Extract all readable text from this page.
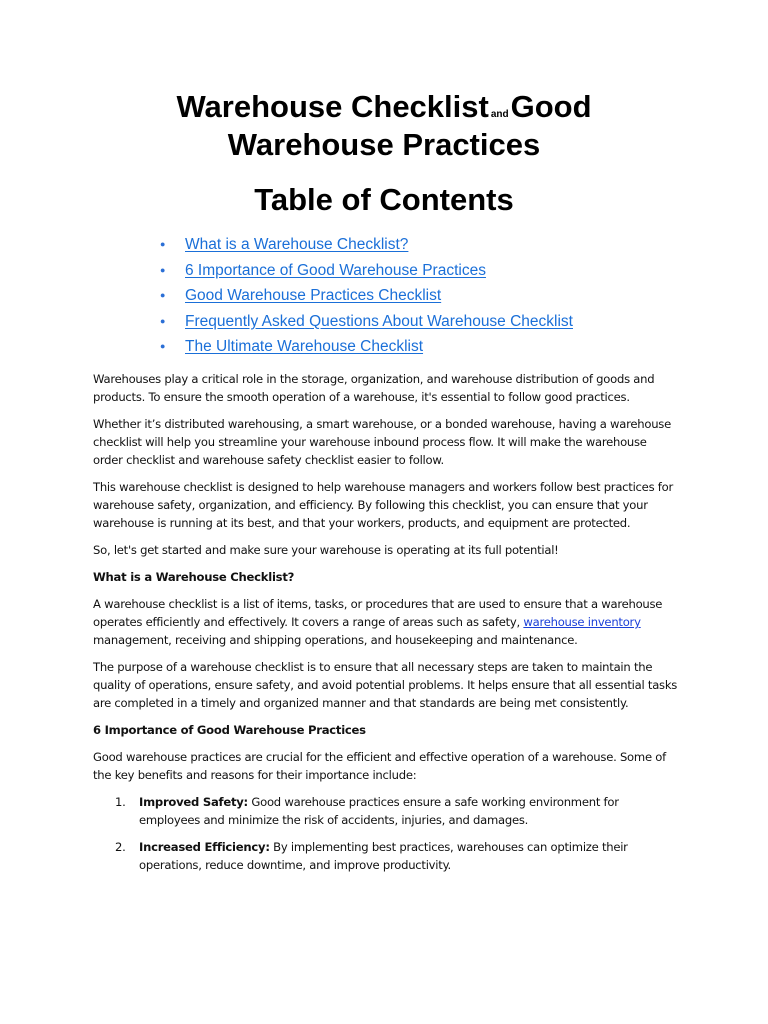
Warehouse Checklist andGood
Warehouse Practices
Table of Contents
● What is a Warehouse Checklist?
● 6 Importance of Good Warehouse Practices
● Good Warehouse Practices Checklist
● Frequently Asked Questions About Warehouse Checklist
● The Ultimate Warehouse Checklist

Warehouses play a critical role in the storage, organization, and warehouse distribution of goods and products. To ensure the smooth operation of a warehouse, it's essential to follow good practices.

Whether it’s distributed warehousing, a smart warehouse, or a bonded warehouse, having a warehouse checklist will help you streamline your warehouse inbound process flow. It will make the warehouse order checklist and warehouse safety checklist easier to follow.

This warehouse checklist is designed to help warehouse managers and workers follow best practices for warehouse safety, organization, and efficiency. By following this checklist, you can ensure that your warehouse is running at its best, and that your workers, products, and equipment are protected.

So, let's get started and make sure your warehouse is operating at its full potential!

What is a Warehouse Checklist?

A warehouse checklist is a list of items, tasks, or procedures that are used to ensure that a warehouse operates efficiently and effectively. It covers a range of areas such as safety, warehouse inventory management, receiving and shipping operations, and housekeeping and maintenance.

The purpose of a warehouse checklist is to ensure that all necessary steps are taken to maintain the quality of operations, ensure safety, and avoid potential problems. It helps ensure that all essential tasks are completed in a timely and organized manner and that standards are being met consistently.

6 Importance of Good Warehouse Practices

Good warehouse practices are crucial for the efficient and effective operation of a warehouse. Some of the key benefits and reasons for their importance include:

1. Improved Safety: Good warehouse practices ensure a safe working environment for employees and minimize the risk of accidents, injuries, and damages.
2. Increased Efficiency: By implementing best practices, warehouses can optimize their operations, reduce downtime, and improve productivity.
